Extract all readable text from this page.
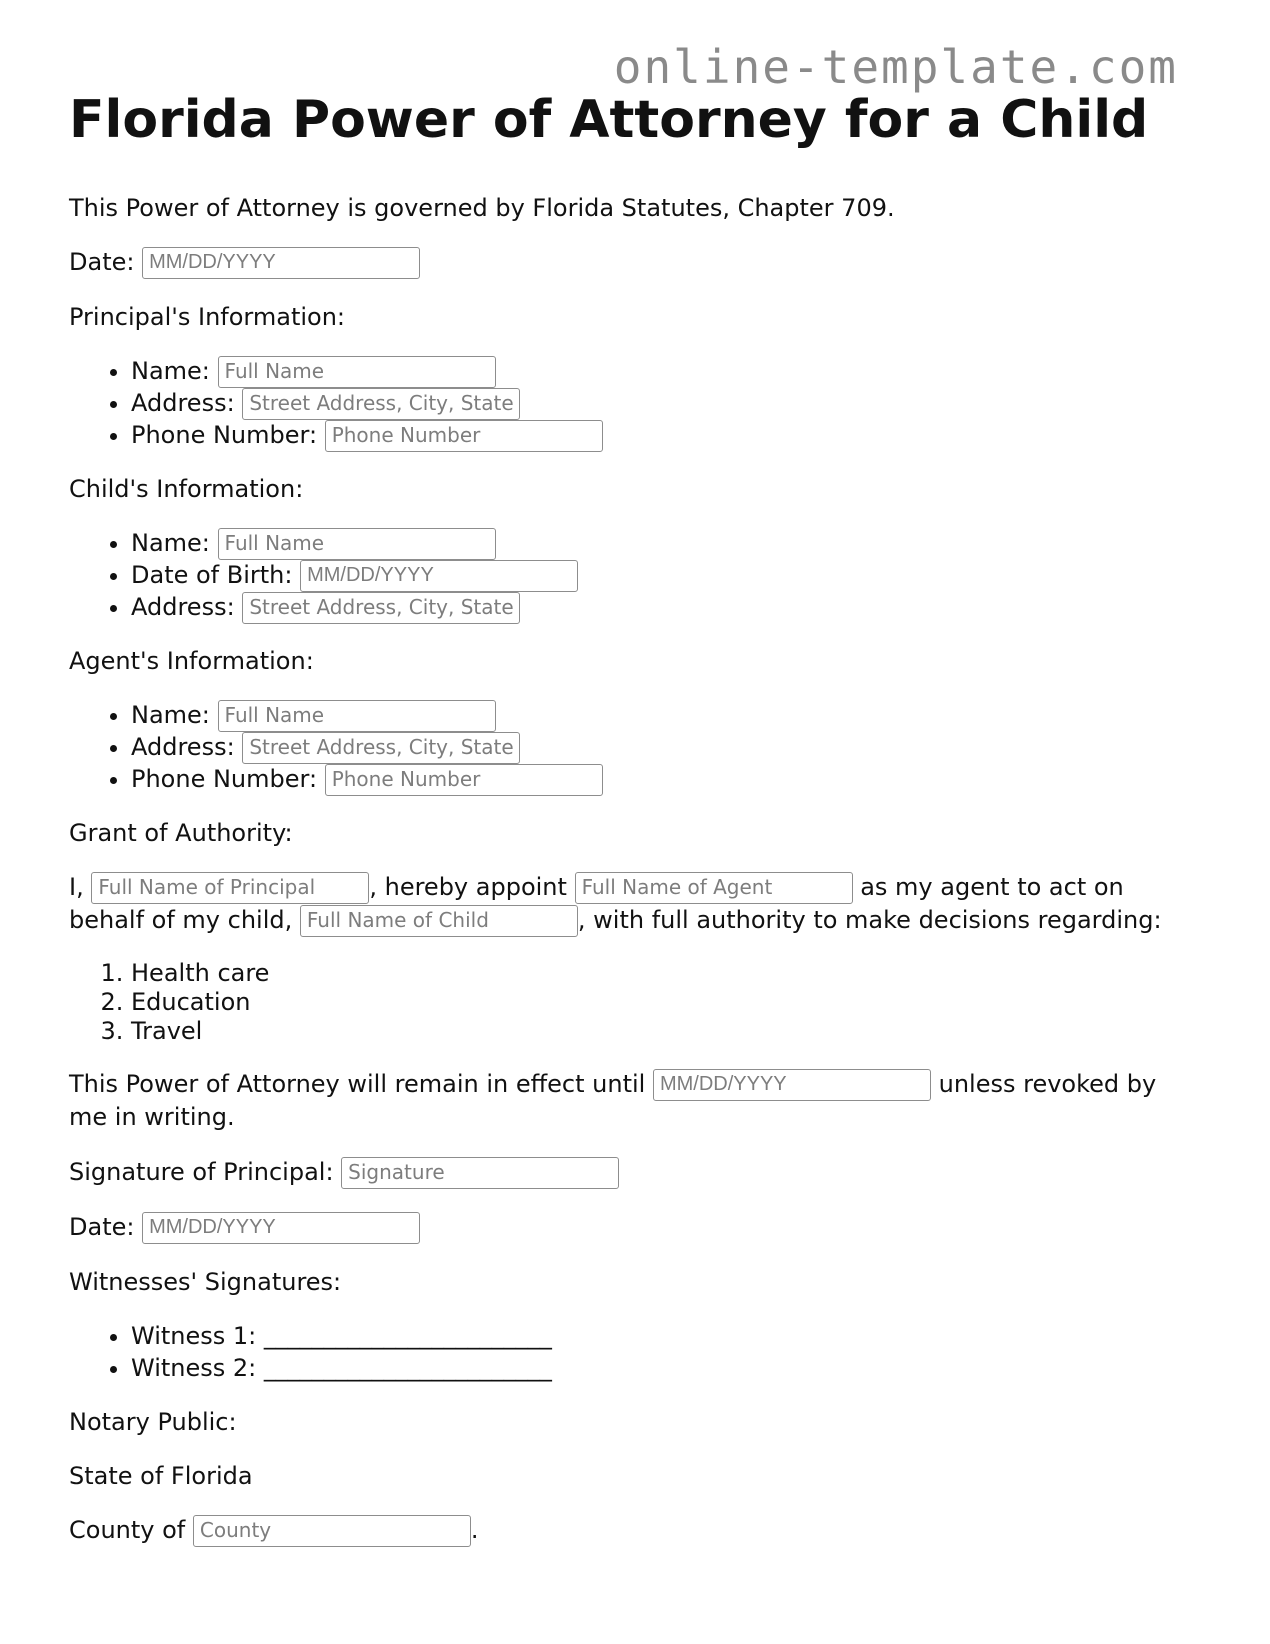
online-template.com
Florida Power of Attorney for a Child

This Power of Attorney is governed by Florida Statutes, Chapter 709.

Date: MM/DD/YYYY

Principal's Information:

• Name: Full Name
• Address: Street Address, City, State
• Phone Number: Phone Number

Child's Information:

• Name: Full Name
• Date of Birth: MM/DD/YYYY
• Address: Street Address, City, State

Agent's Information:

• Name: Full Name
• Address: Street Address, City, State
• Phone Number: Phone Number

Grant of Authority:

I, Full Name of Principal , hereby appoint Full Name of Agent	as my agent to act on behalf of my child, Full Name of Child	, with full authority to make decisions regarding:

1. Health care
2. Education
3. Travel

This Power of Attorney will remain in effect until MM/DD/YYYY	unless revoked by me in writing.

Signature of Principal: Signature

Date: MM/DD/YYYY

Witnesses' Signatures:

• Witness 1: ________________________
• Witness 2: ________________________

Notary Public:

State of Florida

County of County	.
